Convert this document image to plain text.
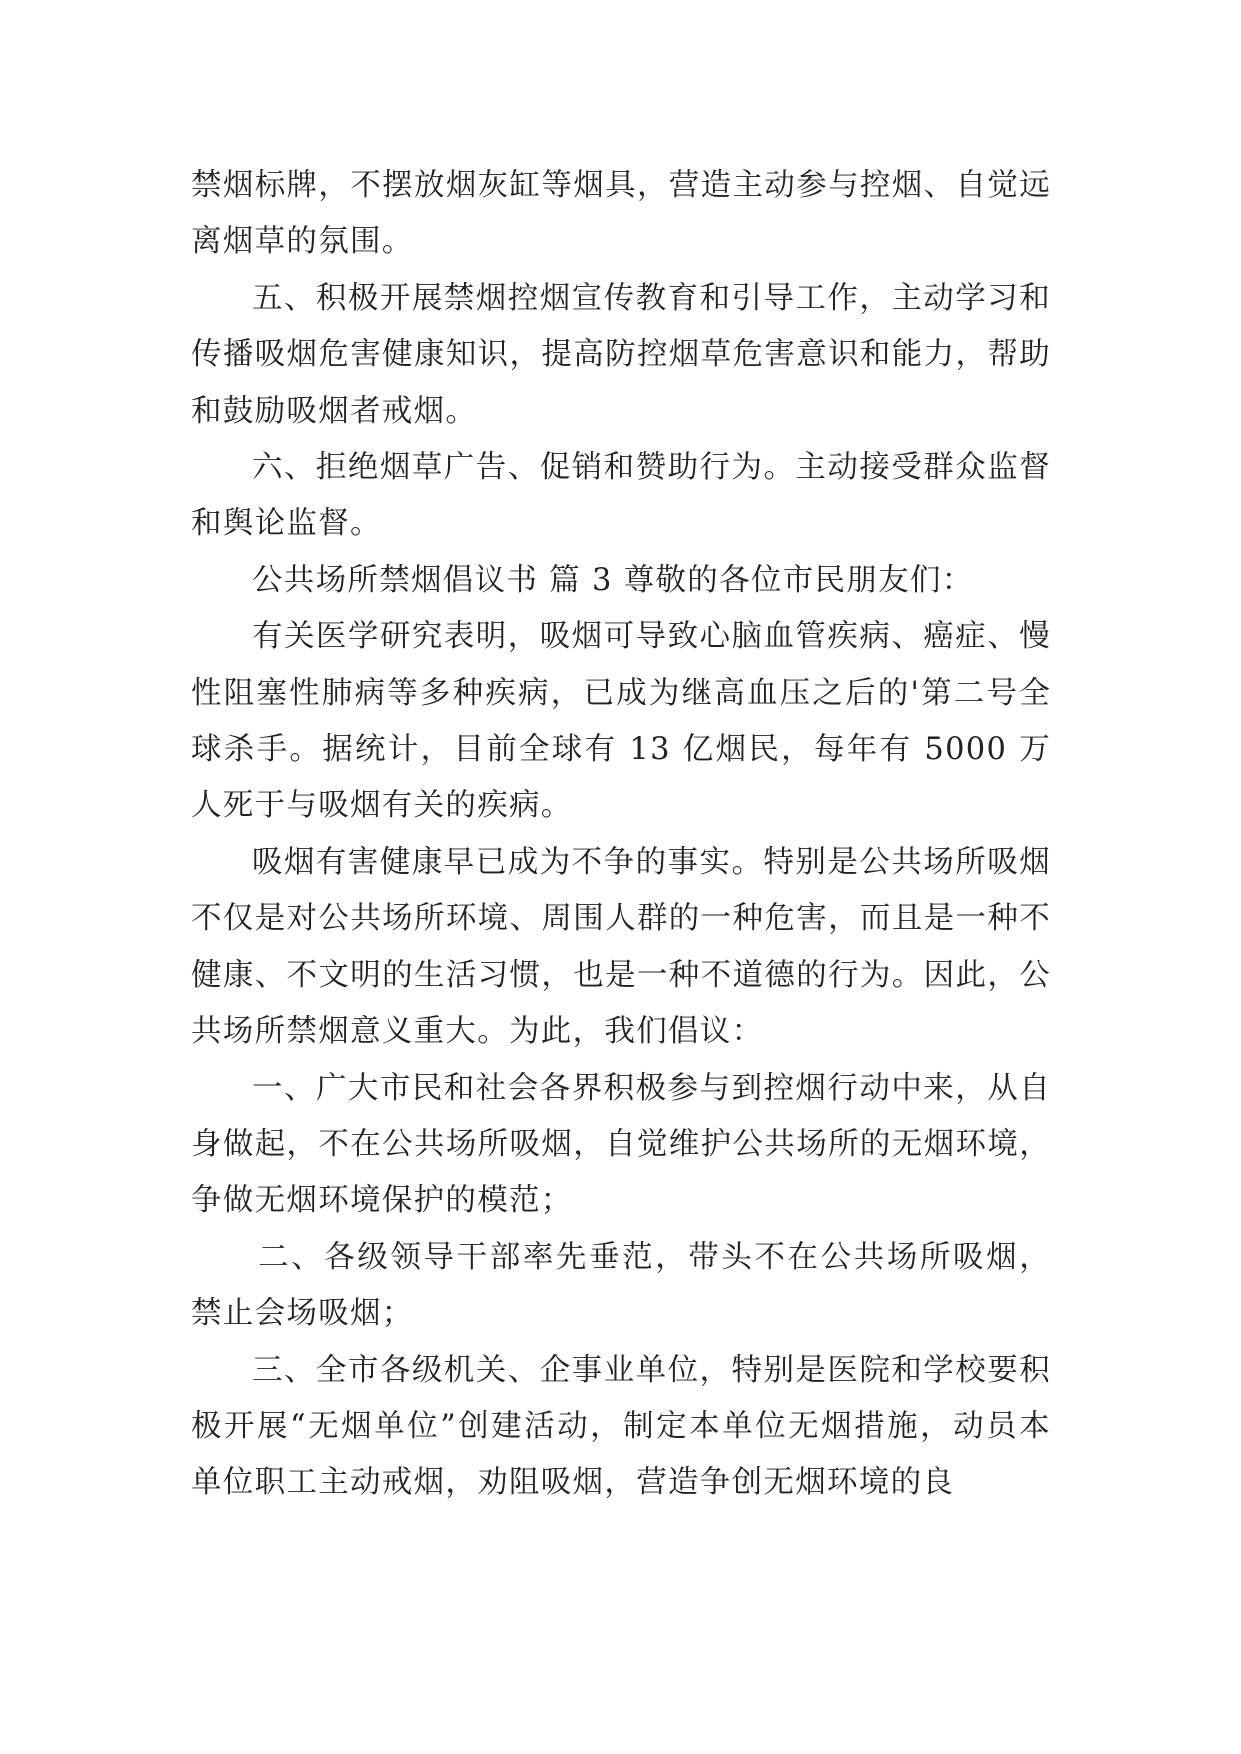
禁烟标牌，不摆放烟灰缸等烟具，营造主动参与控烟、自觉远离烟草的氛围。

五、积极开展禁烟控烟宣传教育和引导工作，主动学习和传播吸烟危害健康知识，提高防控烟草危害意识和能力，帮助和鼓励吸烟者戒烟。

六、拒绝烟草广告、促销和赞助行为。主动接受群众监督和舆论监督。

公共场所禁烟倡议书 篇 3 尊敬的各位市民朋友们：

有关医学研究表明，吸烟可导致心脑血管疾病、癌症、慢性阻塞性肺病等多种疾病，已成为继高血压之后的'第二号全球杀手。据统计，目前全球有 13 亿烟民，每年有 5000 万人死于与吸烟有关的疾病。

吸烟有害健康早已成为不争的事实。特别是公共场所吸烟不仅是对公共场所环境、周围人群的一种危害，而且是一种不健康、不文明的生活习惯，也是一种不道德的行为。因此，公共场所禁烟意义重大。为此，我们倡议：

一、广大市民和社会各界积极参与到控烟行动中来，从自身做起，不在公共场所吸烟，自觉维护公共场所的无烟环境，争做无烟环境保护的模范；

二、各级领导干部率先垂范，带头不在公共场所吸烟，禁止会场吸烟；

三、全市各级机关、企事业单位，特别是医院和学校要积极开展“无烟单位”创建活动，制定本单位无烟措施，动员本单位职工主动戒烟，劝阻吸烟，营造争创无烟环境的良
